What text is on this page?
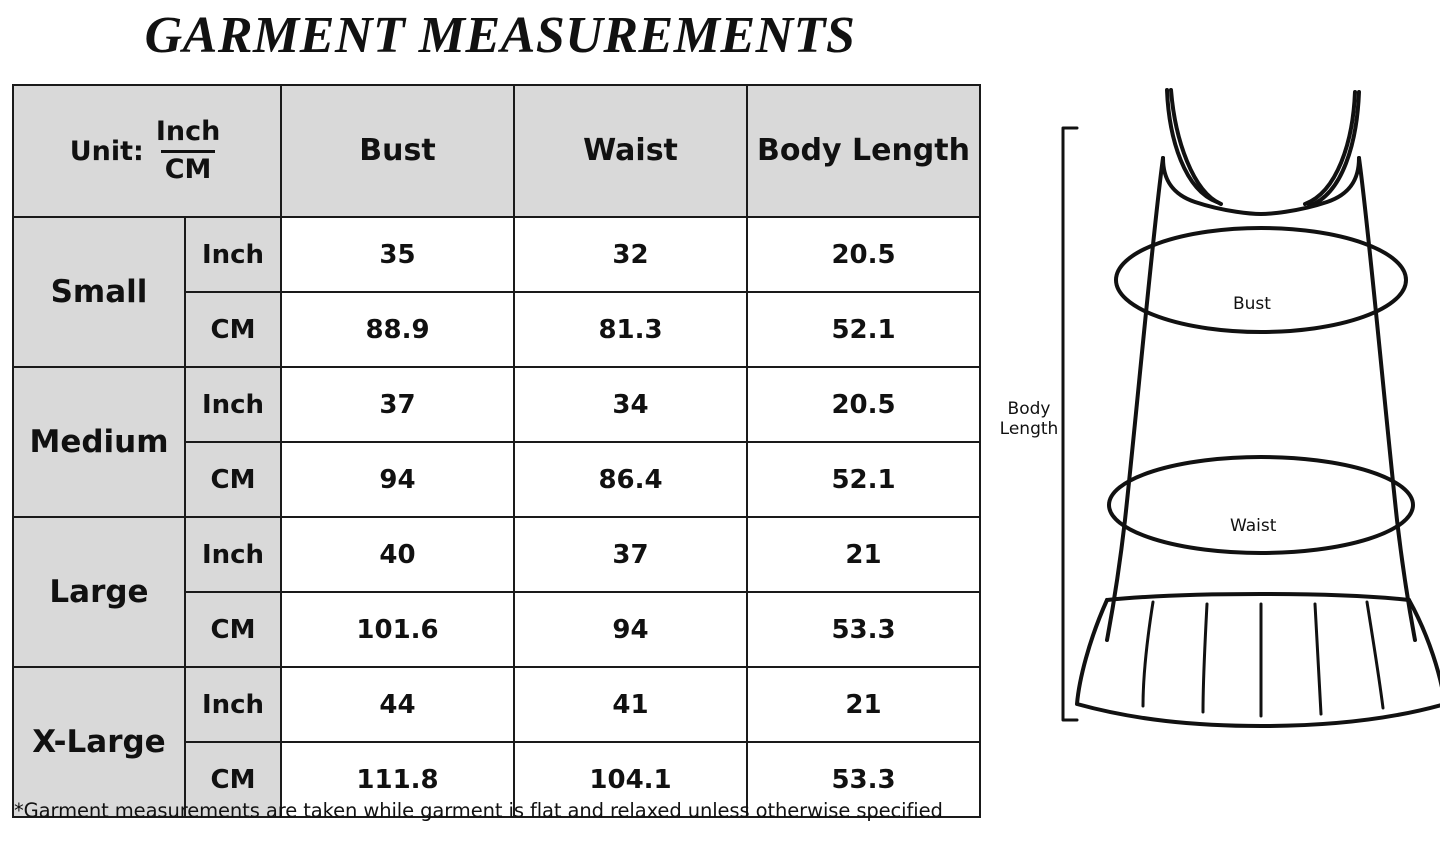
GARMENT MEASUREMENTS
Unit: $\frac{\text{Inch}}{CM}$		Bust	Waist	Body Length
Small	Inch	35	32	20.5
	CM	88.9	81.3	52.1
Medium	Inch	37	34	20.5
	CM	94	86.4	52.1
Large	Inch	40	37	21
	CM	101.6	94	53.3
X-Large	Inch	44	41	21
	CM	111.8	104.1	53.3
*Garment measurements are taken while garment is flat and relaxed unless otherwise specified
Bust
Waist
Body Length
